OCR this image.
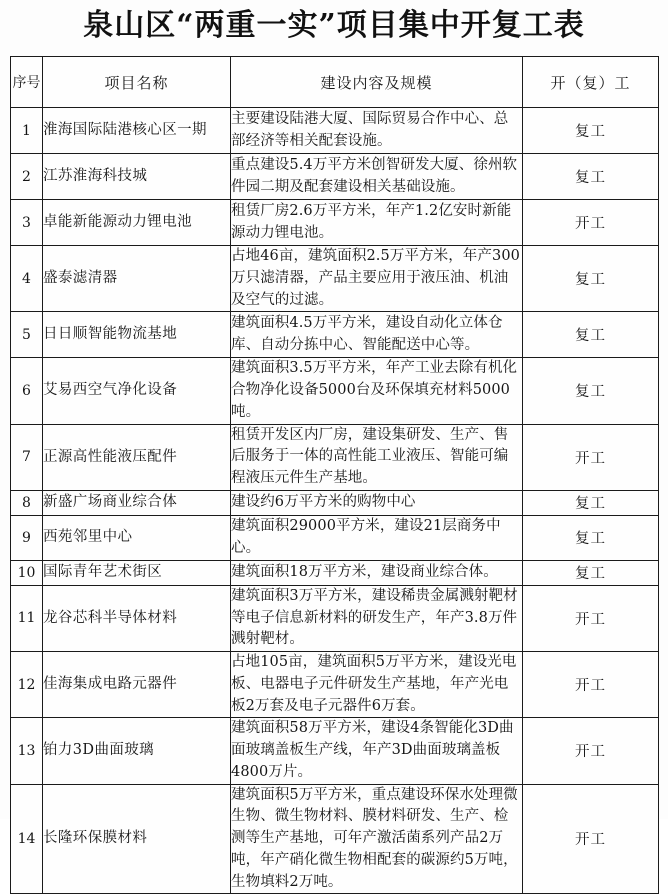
泉山区“两重一实”项目集中开复工表
序号	项目名称	建设内容及规模	开（复）工
1	淮海国际陆港核心区一期	主要建设陆港大厦、国际贸易合作中心、总部经济等相关配套设施。	复工
2	江苏淮海科技城	重点建设5.4万平方米创智研发大厦、徐州软件园二期及配套建设相关基础设施。	复工
3	卓能新能源动力锂电池	租赁厂房2.6万平方米，年产1.2亿安时新能源动力锂电池。	开工
4	盛泰滤清器	占地46亩，建筑面积2.5万平方米，年产300万只滤清器，产品主要应用于液压油、机油及空气的过滤。	复工
5	日日顺智能物流基地	建筑面积4.5万平方米，建设自动化立体仓库、自动分拣中心、智能配送中心等。	复工
6	艾易西空气净化设备	建筑面积3.5万平方米，年产工业去除有机化合物净化设备5000台及环保填充材料5000吨。	复工
7	正源高性能液压配件	租赁开发区内厂房，建设集研发、生产、售后服务于一体的高性能工业液压、智能可编程液压元件生产基地。	开工
8	新盛广场商业综合体	建设约6万平方米的购物中心	复工
9	西苑邻里中心	建筑面积29000平方米，建设21层商务中心。	复工
10	国际青年艺术街区	建筑面积18万平方米，建设商业综合体。	复工
11	龙谷芯科半导体材料	建筑面积3万平方米，建设稀贵金属溅射靶材等电子信息新材料的研发生产，年产3.8万件溅射靶材。	开工
12	佳海集成电路元器件	占地105亩，建筑面积5万平方米，建设光电板、电器电子元件研发生产基地，年产光电板2万套及电子元器件6万套。	开工
13	铂力3D曲面玻璃	建筑面积58万平方米，建设4条智能化3D曲面玻璃盖板生产线，年产3D曲面玻璃盖板4800万片。	开工
14	长隆环保膜材料	建筑面积5万平方米，重点建设环保水处理微生物、微生物材料、膜材料研发、生产、检测等生产基地，可年产激活菌系列产品2万吨，年产硝化微生物相配套的碳源约5万吨，生物填料2万吨。	开工
